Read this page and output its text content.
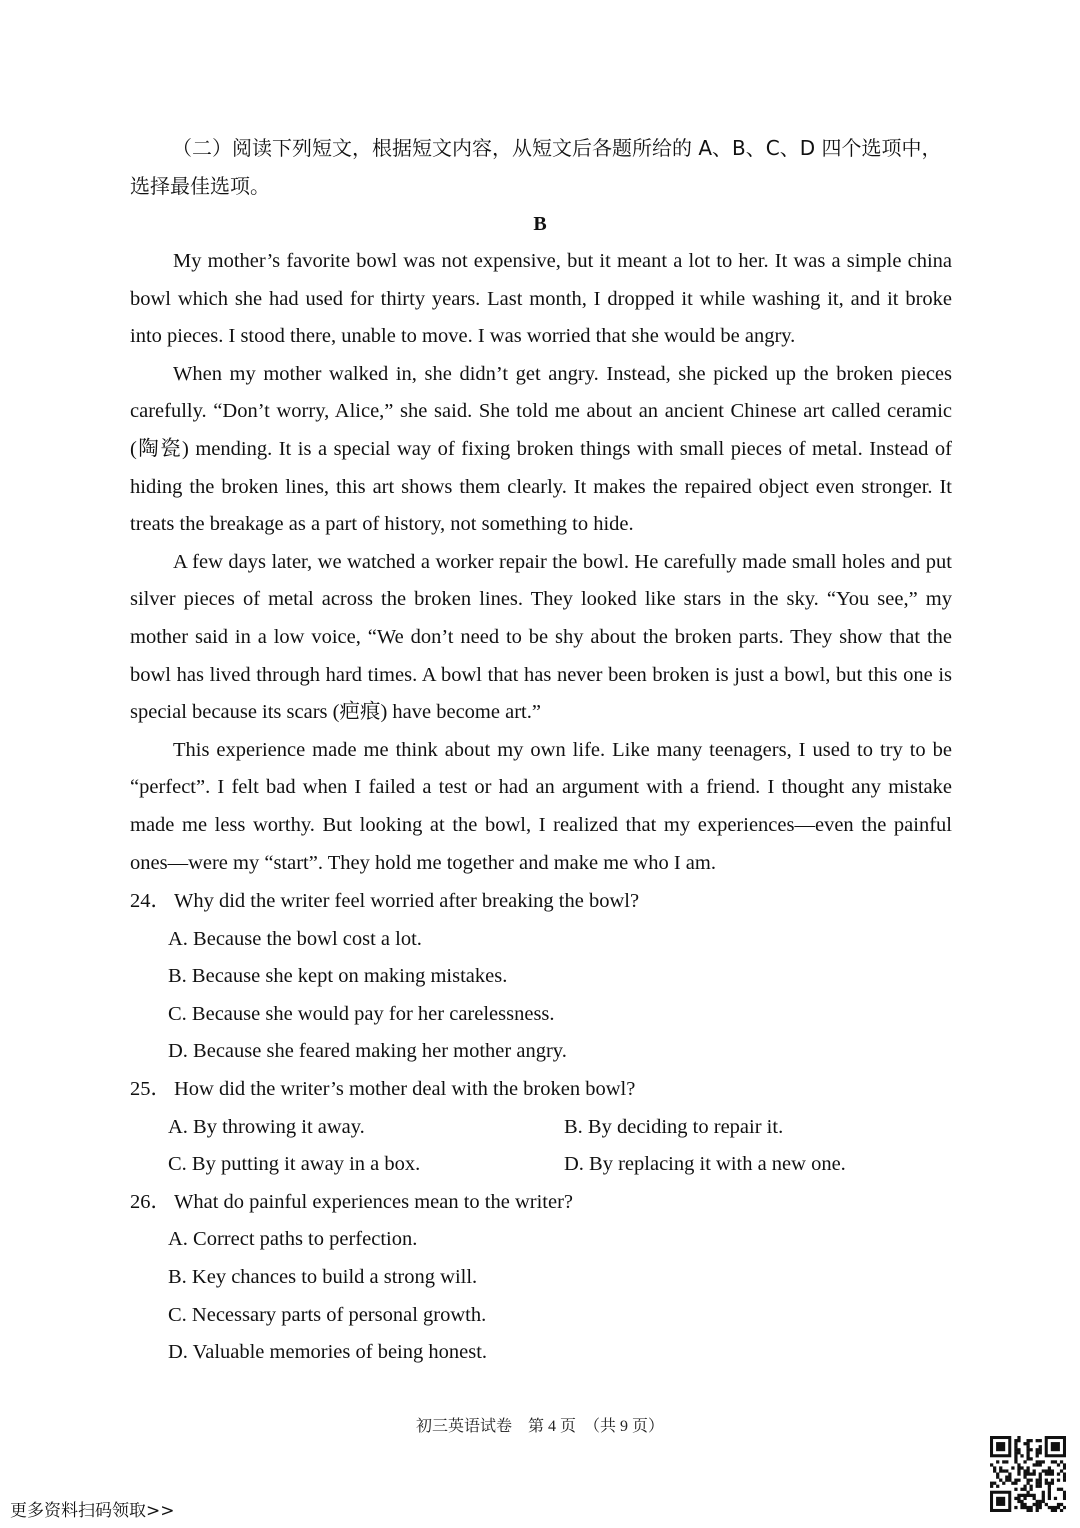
（二）阅读下列短文，根据短文内容，从短文后各题所给的 A、B、C、D 四个选项中，
选择最佳选项。
B

My mother’s favorite bowl was not expensive, but it meant a lot to her. It was a simple china bowl which she had used for thirty years. Last month, I dropped it while washing it, and it broke into pieces. I stood there, unable to move. I was worried that she would be angry.

When my mother walked in, she didn’t get angry. Instead, she picked up the broken pieces carefully. “Don’t worry, Alice,” she said. She told me about an ancient Chinese art called ceramic (陶瓷) mending. It is a special way of fixing broken things with small pieces of metal. Instead of hiding the broken lines, this art shows them clearly. It makes the repaired object even stronger. It treats the breakage as a part of history, not something to hide.

A few days later, we watched a worker repair the bowl. He carefully made small holes and put silver pieces of metal across the broken lines. They looked like stars in the sky. “You see,” my mother said in a low voice, “We don’t need to be shy about the broken parts. They show that the bowl has lived through hard times. A bowl that has never been broken is just a bowl, but this one is special because its scars (疤痕) have become art.”

This experience made me think about my own life. Like many teenagers, I used to try to be “perfect”. I felt bad when I failed a test or had an argument with a friend. I thought any mistake made me less worthy. But looking at the bowl, I realized that my experiences—even the painful ones—were my “start”. They hold me together and make me who I am.

24． Why did the writer feel worried after breaking the bowl?
A. Because the bowl cost a lot.
B. Because she kept on making mistakes.
C. Because she would pay for her carelessness.
D. Because she feared making her mother angry.
25． How did the writer’s mother deal with the broken bowl?
A. By throwing it away.	B. By deciding to repair it.
C. By putting it away in a box.	D. By replacing it with a new one.
26． What do painful experiences mean to the writer?
A. Correct paths to perfection.
B. Key chances to build a strong will.
C. Necessary parts of personal growth.
D. Valuable memories of being honest.
初三英语试卷　第 4 页　（共 9 页）
更多资料扫码领取>>
